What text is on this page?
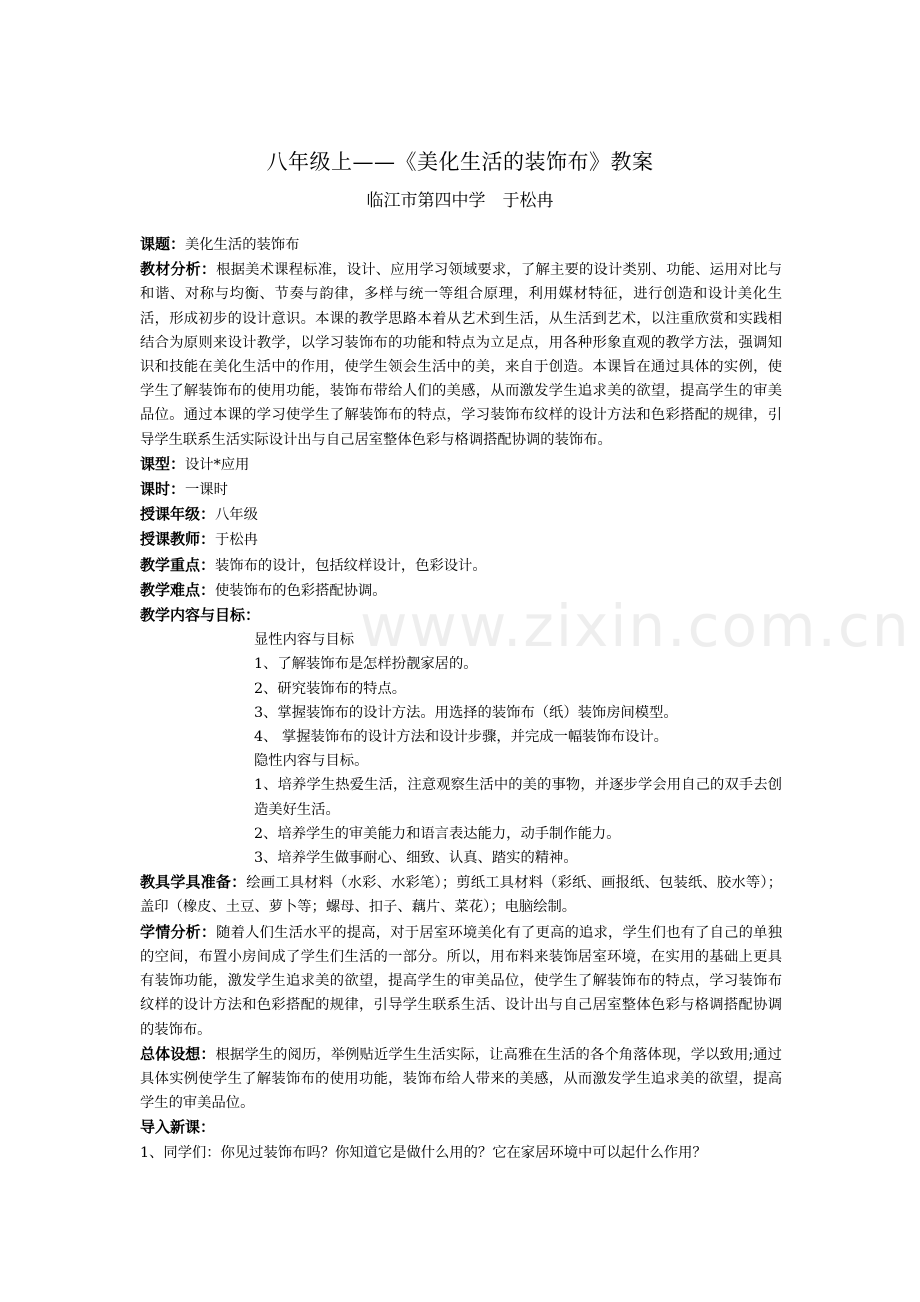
八年级上——《美化生活的装饰布》教案
临江市第四中学　于松冉
www.zixin.com.cn

课题：美化生活的装饰布

教材分析：根据美术课程标准，设计、应用学习领域要求，了解主要的设计类别、功能、运用对比与和谐、对称与均衡、节奏与韵律，多样与统一等组合原理，利用媒材特征，进行创造和设计美化生活，形成初步的设计意识。本课的教学思路本着从艺术到生活，从生活到艺术，以注重欣赏和实践相结合为原则来设计教学，以学习装饰布的功能和特点为立足点，用各种形象直观的教学方法，强调知识和技能在美化生活中的作用，使学生领会生活中的美，来自于创造。本课旨在通过具体的实例，使学生了解装饰布的使用功能，装饰布带给人们的美感，从而激发学生追求美的欲望，提高学生的审美品位。通过本课的学习使学生了解装饰布的特点，学习装饰布纹样的设计方法和色彩搭配的规律，引导学生联系生活实际设计出与自己居室整体色彩与格调搭配协调的装饰布。

课型：设计*应用

课时：一课时

授课年级：八年级

授课教师：于松冉

教学重点：装饰布的设计，包括纹样设计，色彩设计。

教学难点：使装饰布的色彩搭配协调。

教学内容与目标：

显性内容与目标

1、了解装饰布是怎样扮靓家居的。

2、研究装饰布的特点。

3、掌握装饰布的设计方法。用选择的装饰布（纸）装饰房间模型。

4、 掌握装饰布的设计方法和设计步骤，并完成一幅装饰布设计。

隐性内容与目标。

1、培养学生热爱生活，注意观察生活中的美的事物，并逐步学会用自己的双手去创造美好生活。

2、培养学生的审美能力和语言表达能力，动手制作能力。

3、培养学生做事耐心、细致、认真、踏实的精神。

教具学具准备：绘画工具材料（水彩、水彩笔）；剪纸工具材料（彩纸、画报纸、包装纸、胶水等）；盖印（橡皮、土豆、萝卜等；螺母、扣子、藕片、菜花）；电脑绘制。

学情分析：随着人们生活水平的提高，对于居室环境美化有了更高的追求，学生们也有了自己的单独的空间，布置小房间成了学生们生活的一部分。所以，用布料来装饰居室环境，在实用的基础上更具有装饰功能，激发学生追求美的欲望，提高学生的审美品位，使学生了解装饰布的特点，学习装饰布纹样的设计方法和色彩搭配的规律，引导学生联系生活、设计出与自己居室整体色彩与格调搭配协调的装饰布。

总体设想：根据学生的阅历，举例贴近学生生活实际，让高雅在生活的各个角落体现，学以致用;通过具体实例使学生了解装饰布的使用功能，装饰布给人带来的美感，从而激发学生追求美的欲望，提高学生的审美品位。

导入新课：

1、同学们：你见过装饰布吗？你知道它是做什么用的？它在家居环境中可以起什么作用？
